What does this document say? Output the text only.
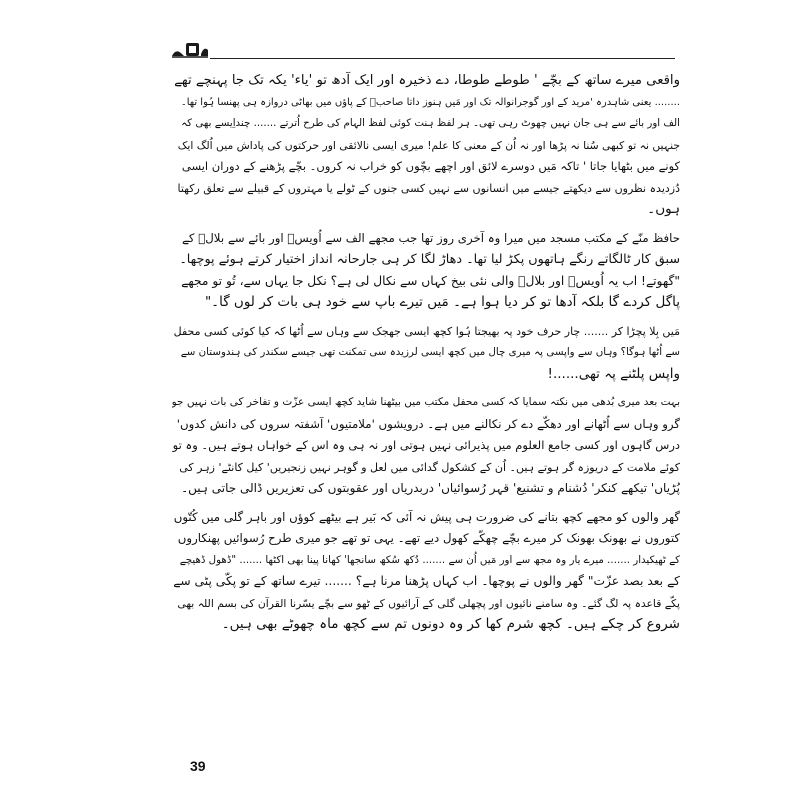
واقعی میرے ساتھ کے بچّے ' طوطے طوطا، دے ذخیرہ اور ایک آدھ تو 'یاء' یکہ تک جا پہنچے تھے
........ یعنی شاہدرہ 'مرید کے اور گوجرانوالہ تک اور مَیں ہنوز داتا صاحبؒ کے پاؤں میں بھاٹی دروازہ ہی پھنسا ہُوا تھا۔
الف اور بائے سے ہی جان نہیں چھوٹ رہی تھی۔ ہر لفظ ہنت کوئی لفظ الہام کی طرح اُترتے ....... چنداِیسے بھی کہ
جنہیں نہ تو کبھی سُنا نہ پڑھا اور نہ اُن کے معنی کا علم! میری ایسی نالائقی اور حرکتوں کی پاداش میں اُلگ ایک
کونے میں بٹھایا جاتا ' تاکہ مَیں دوسرے لائق اور اچھے بچّوں کو خراب نہ کروں۔ بچّے پڑھنے کے دوران ایسی
دُزدیدہ نظروں سے دیکھتے جیسے میں انسانوں سے نہیں کسی جنوں کے ٹولے یا مہتروں کے قبیلے سے تعلق رکھتا
ہوں۔
حافظ منّے کے مکتب مسجد میں میرا وہ آخری روز تھا جب مجھے الف سے اُویسؒ اور بائے سے بلالؓ کے
سبق کار ٹالگاتے رنگے ہاتھوں پکڑ لیا تھا۔ دھاڑ لگا کر ہی جارحانہ انداز اختیار کرتے ہوئے پوچھا۔
"گھوتے! اب یہ اُویسؒ اور بلالؓ والی نئی بیخ کہاں سے نکال لی ہے؟ نکل جا یہاں سے، تُو تو مجھے
پاگل کردے گا بلکہ آدھا تو کر دیا ہوا ہے۔ مَیں تیرے باپ سے خود ہی بات کر لوں گا۔"
مَیں بِلا پچڑا کر ....... چار حرف خود پہ بھیجتا ہُوا کچھ ایسی جھجک سے وہاں سے اُٹھا کہ کیا کوئی کسی محفل
سے اُٹھا ہوگا؟ وہاں سے واپسی پہ میری چال میں کچھ ایسی لرزیدہ سی تمکنت تھی جیسے سکندر کی ہندوستان سے
واپس پلٹنے پہ تھی......!
بہت بعد میری بُدھی میں نکتہ سمایا کہ کسی محفل مکتب میں بیٹھنا شاید کچھ ایسی عزّت و تفاخر کی بات نہیں جو
گرو وہاں سے اُٹھانے اور دھکّے دے کر نکالنے میں ہے۔ درویشوں 'ملامتیوں' آشفتہ سروں کی دانش کدوں'
درس گاہوں اور کسی جامع العلوم میں پذیرائی نہیں ہوتی اور نہ ہی وہ اس کے خواہاں ہوتے ہیں۔ وہ تو
کوئے ملامت کے دریوزہ گر ہوتے ہیں۔ اُن کے کشکول گدائی میں لعل و گوہر نہیں زنجیریں' کیل کانٹے' زہر کی
پُڑیاں' تیکھے کنکر' دُشنام و تشنیع' قہر رُسوائیاں' دربدریاں اور عقوبتوں کی تعزیریں ڈالی جاتی ہیں۔
گھر والوں کو مجھے کچھ بتانے کی ضرورت ہی پیش نہ آئی کہ بَیر ہے بیٹھے کوؤں اور باہر گلی میں کُتّوں
کتوروں نے بھونک بھونک کر میرے بچّے چھکّے کھول دیے تھے۔ یہی تو تھے جو میری طرح رُسوائیں پھنکاروں
کے ٹھیکیدار ....... میرے یار وہ مجھ سے اور مَیں اُن سے ....... دُکھ سُکھ سانجھا' کھانا پینا بھی اکٹھا ....... "ڈھول ڈھیچے
کے بعد بصد عزّت" گھر والوں نے پوچھا۔ اب کہاں پڑھنا مرنا ہے؟ ....... تیرے ساتھ کے تو پکّی پٹی سے
پکّے قاعدہ پہ لگ گئے۔ وہ سامنے نائیوں اور پچھلی گلی کے آرائیوں کے ٹھو سے بچّے یسّرنا القرآن کی بسم اللہ بھی
شروع کر چکے ہیں۔ کچھ شرم کھا کر وہ دونوں تم سے کچھ ماہ چھوٹے بھی ہیں۔
39
